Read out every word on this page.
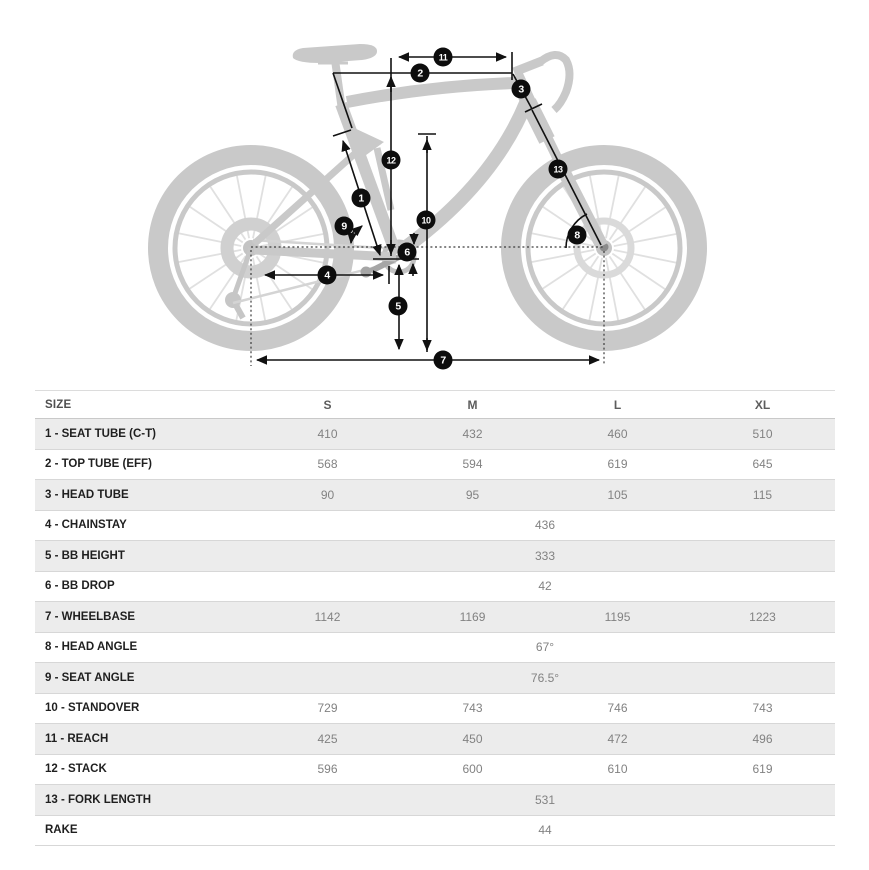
1
2
3
4
5
6
7
8
9	10
11
12
13
SIZE	S	M	L	XL
1 - SEAT TUBE (C-T)	410	432	460	510
2 - TOP TUBE (EFF)	568	594	619	645
3 - HEAD TUBE	90	95	105	115
4 - CHAINSTAY	436
5 - BB HEIGHT	333
6 - BB DROP	42
7 - WHEELBASE	1142	1169	1195	1223
8 - HEAD ANGLE	67°
9 - SEAT ANGLE	76.5°
10 - STANDOVER	729	743	746	743
11 - REACH	425	450	472	496
12 - STACK	596	600	610	619
13 - FORK LENGTH	531
RAKE	44
